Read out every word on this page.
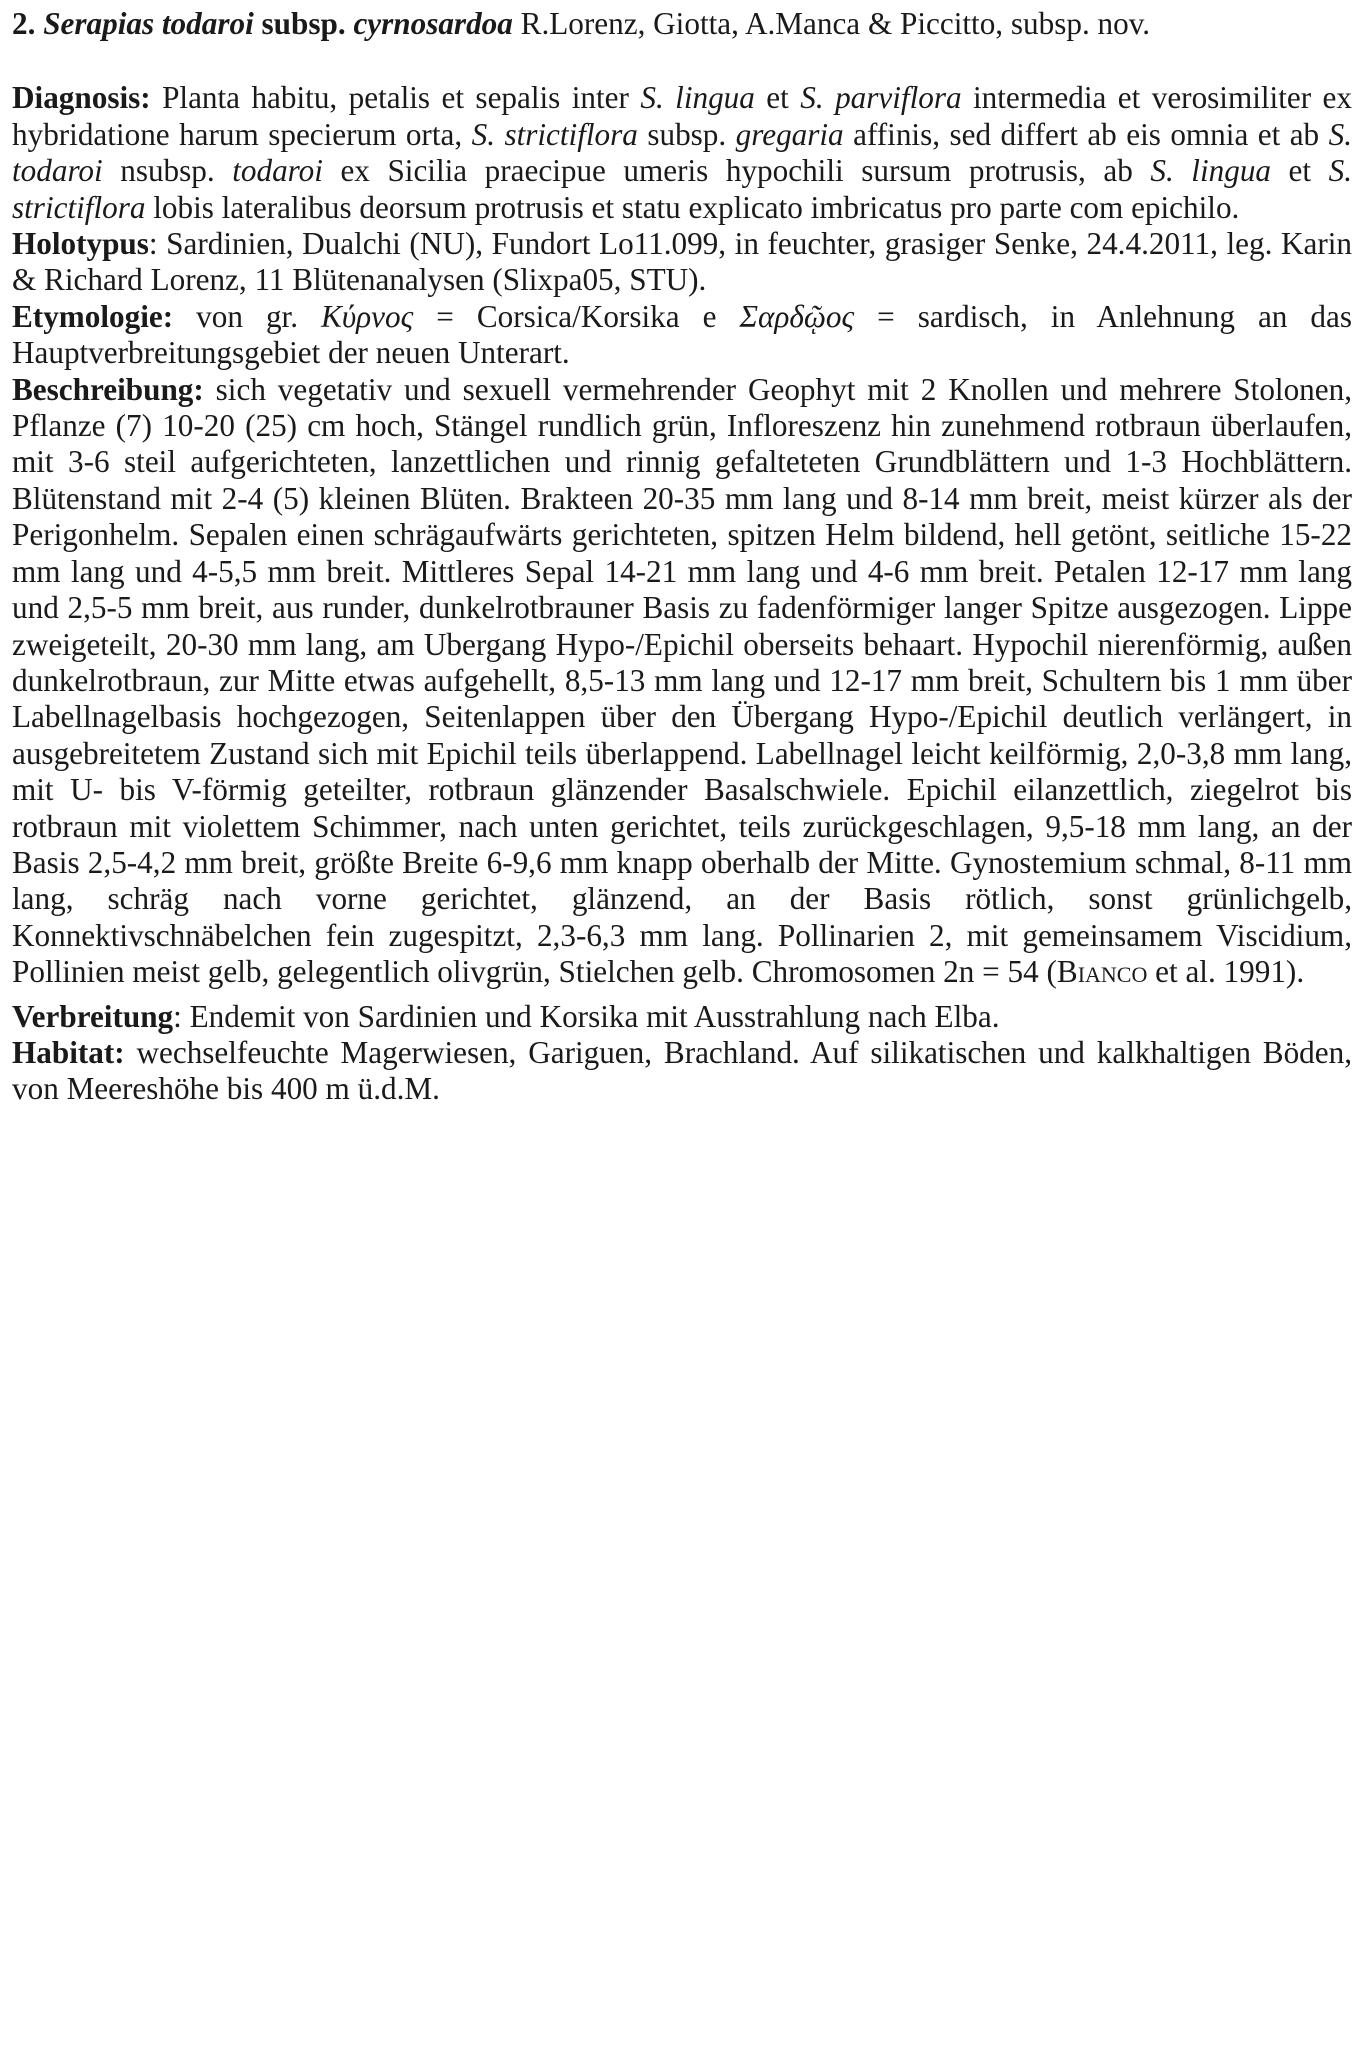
2. Serapias todaroi subsp. cyrnosardoa R.Lorenz, Giotta, A.Manca & Piccitto, subsp. nov.

Diagnosis: Planta habitu, petalis et sepalis inter S. lingua et S. parviflora intermedia et verosimiliter ex hybridatione harum specierum orta, S. strictiflora subsp. gregaria affinis, sed differt ab eis omnia et ab S. todaroi nsubsp. todaroi ex Sicilia praecipue umeris hypochili sursum protrusis, ab S. lingua et S. strictiflora lobis lateralibus deorsum protrusis et statu explicato imbricatus pro parte com epichilo.

Holotypus: Sardinien, Dualchi (NU), Fundort Lo11.099, in feuchter, grasiger Senke, 24.4.2011, leg. Karin & Richard Lorenz, 11 Blütenanalysen (Slixpa05, STU).

Etymologie: von gr. Κύρνος = Corsica/Korsika e Σαρδῷος = sardisch, in Anlehnung an das Hauptverbreitungsgebiet der neuen Unterart.

Beschreibung: sich vegetativ und sexuell vermehrender Geophyt mit 2 Knollen und mehrere Stolonen, Pflanze (7) 10-20 (25) cm hoch, Stängel rundlich grün, Infloreszenz hin zunehmend rotbraun überlaufen, mit 3-6 steil aufgerichteten, lanzettlichen und rinnig gefalteteten Grundblättern und 1-3 Hochblättern. Blütenstand mit 2-4 (5) kleinen Blüten. Brakteen 20-35 mm lang und 8-14 mm breit, meist kürzer als der Perigonhelm. Sepalen einen schrägaufwärts gerichteten, spitzen Helm bildend, hell getönt, seitliche 15-22 mm lang und 4-5,5 mm breit. Mittleres Sepal 14-21 mm lang und 4-6 mm breit. Petalen 12-17 mm lang und 2,5-5 mm breit, aus runder, dunkelrotbrauner Basis zu fadenförmiger langer Spitze ausgezogen. Lippe zweigeteilt, 20-30 mm lang, am Ubergang Hypo-/Epichil oberseits behaart. Hypochil nierenförmig, außen dunkelrotbraun, zur Mitte etwas aufgehellt, 8,5-13 mm lang und 12-17 mm breit, Schultern bis 1 mm über Labellnagelbasis hochgezogen, Seitenlappen über den Übergang Hypo-/Epichil deutlich verlängert, in ausgebreitetem Zustand sich mit Epichil teils überlappend. Labellnagel leicht keilförmig, 2,0-3,8 mm lang, mit U- bis V-förmig geteilter, rotbraun glänzender Basalschwiele. Epichil eilanzettlich, ziegelrot bis rotbraun mit violettem Schimmer, nach unten gerichtet, teils zurückgeschlagen, 9,5-18 mm lang, an der Basis 2,5-4,2 mm breit, größte Breite 6-9,6 mm knapp oberhalb der Mitte. Gynostemium schmal, 8-11 mm lang, schräg nach vorne gerichtet, glänzend, an der Basis rötlich, sonst grünlichgelb, Konnektivschnäbelchen fein zugespitzt, 2,3-6,3 mm lang. Pollinarien 2, mit gemeinsamem Viscidium, Pollinien meist gelb, gelegentlich olivgrün, Stielchen gelb. Chromosomen 2n = 54 (Bianco et al. 1991).

Verbreitung: Endemit von Sardinien und Korsika mit Ausstrahlung nach Elba.

Habitat: wechselfeuchte Magerwiesen, Gariguen, Brachland. Auf silikatischen und kalkhaltigen Böden, von Meereshöhe bis 400 m ü.d.M.
